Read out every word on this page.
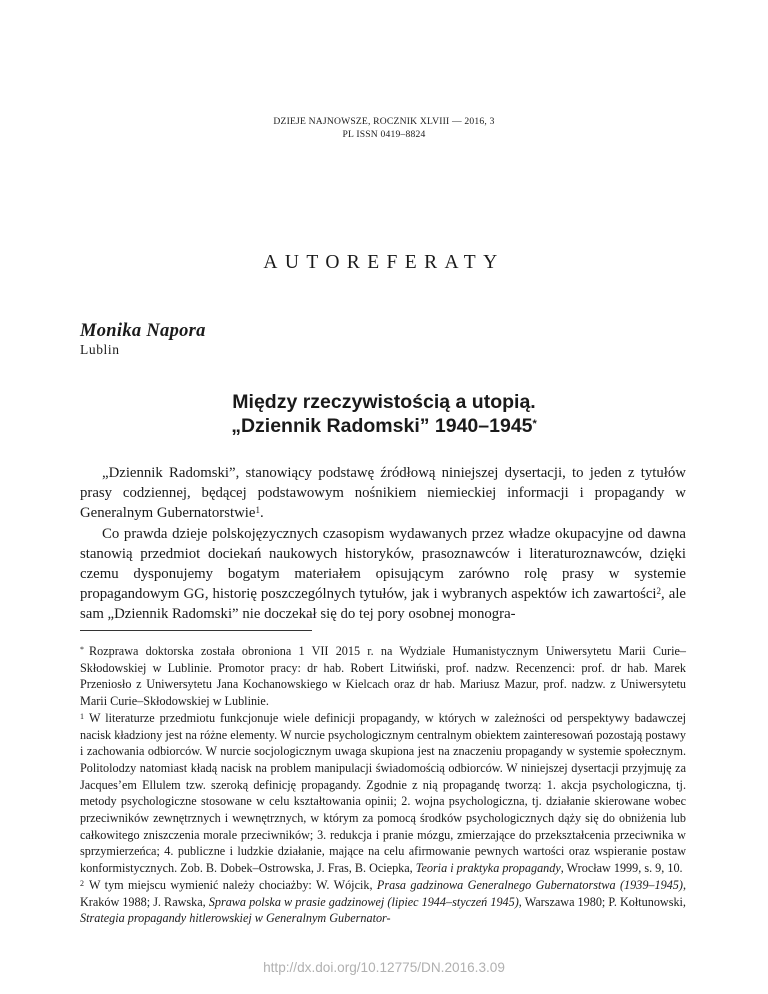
DZIEJE NAJNOWSZE, ROCZNIK XLVIII — 2016, 3
PL ISSN 0419–8824
AUTOREFERATY
Monika Napora
Lublin
Między rzeczywistością a utopią.
„Dziennik Radomski” 1940–1945*

„Dziennik Radomski”, stanowiący podstawę źródłową niniejszej dysertacji, to jeden z tytułów prasy codziennej, będącej podstawowym nośnikiem niemieckiej informacji i propagandy w Generalnym Gubernatorstwie$^1$.

Co prawda dzieje polskojęzycznych czasopism wydawanych przez władze okupacyjne od dawna stanowią przedmiot dociekań naukowych historyków, prasoznawców i literaturoznawców, dzięki czemu dysponujemy bogatym materiałem opisującym zarówno rolę prasy w systemie propagandowym GG, historię poszczególnych tytułów, jak i wybranych aspektów ich zawartości$^2$, ale sam „Dziennik Radomski” nie doczekał się do tej pory osobnej monogra-

* Rozprawa doktorska została obroniona 1 VII 2015 r. na Wydziale Humanistycznym Uniwersytetu Marii Curie–Skłodowskiej w Lublinie. Promotor pracy: dr hab. Robert Litwiński, prof. nadzw. Recenzenci: prof. dr hab. Marek Przeniosło z Uniwersytetu Jana Kochanowskiego w Kielcach oraz dr hab. Mariusz Mazur, prof. nadzw. z Uniwersytetu Marii Curie–Skłodowskiej w Lublinie.

$^1$ W literaturze przedmiotu funkcjonuje wiele definicji propagandy, w których w zależności od perspektywy badawczej nacisk kładziony jest na różne elementy. W nurcie psychologicznym centralnym obiektem zainteresowań pozostają postawy i zachowania odbiorców. W nurcie socjologicznym uwaga skupiona jest na znaczeniu propagandy w systemie społecznym. Politolodzy natomiast kładą nacisk na problem manipulacji świadomością odbiorców. W niniejszej dysertacji przyjmuję za Jacques’em Ellulem tzw. szeroką definicję propagandy. Zgodnie z nią propagandę tworzą: 1. akcja psychologiczna, tj. metody psychologiczne stosowane w celu kształtowania opinii; 2. wojna psychologiczna, tj. działanie skierowane wobec przeciwników zewnętrznych i wewnętrznych, w którym za pomocą środków psychologicznych dąży się do obniżenia lub całkowitego zniszczenia morale przeciwników; 3. redukcja i pranie mózgu, zmierzające do przekształcenia przeciwnika w sprzymierzeńca; 4. publiczne i ludzkie działanie, mające na celu afirmowanie pewnych wartości oraz wspieranie postaw konformistycznych. Zob. B. Dobek–Ostrowska, J. Fras, B. Ociepka, Teoria i praktyka propagandy, Wrocław 1999, s. 9, 10.

$^2$ W tym miejscu wymienić należy chociażby: W. Wójcik, Prasa gadzinowa Generalnego Gubernatorstwa (1939–1945), Kraków 1988; J. Rawska, Sprawa polska w prasie gadzinowej (lipiec 1944–styczeń 1945), Warszawa 1980; P. Kołtunowski, Strategia propagandy hitlerowskiej w Generalnym Gubernator-

http://dx.doi.org/10.12775/DN.2016.3.09
